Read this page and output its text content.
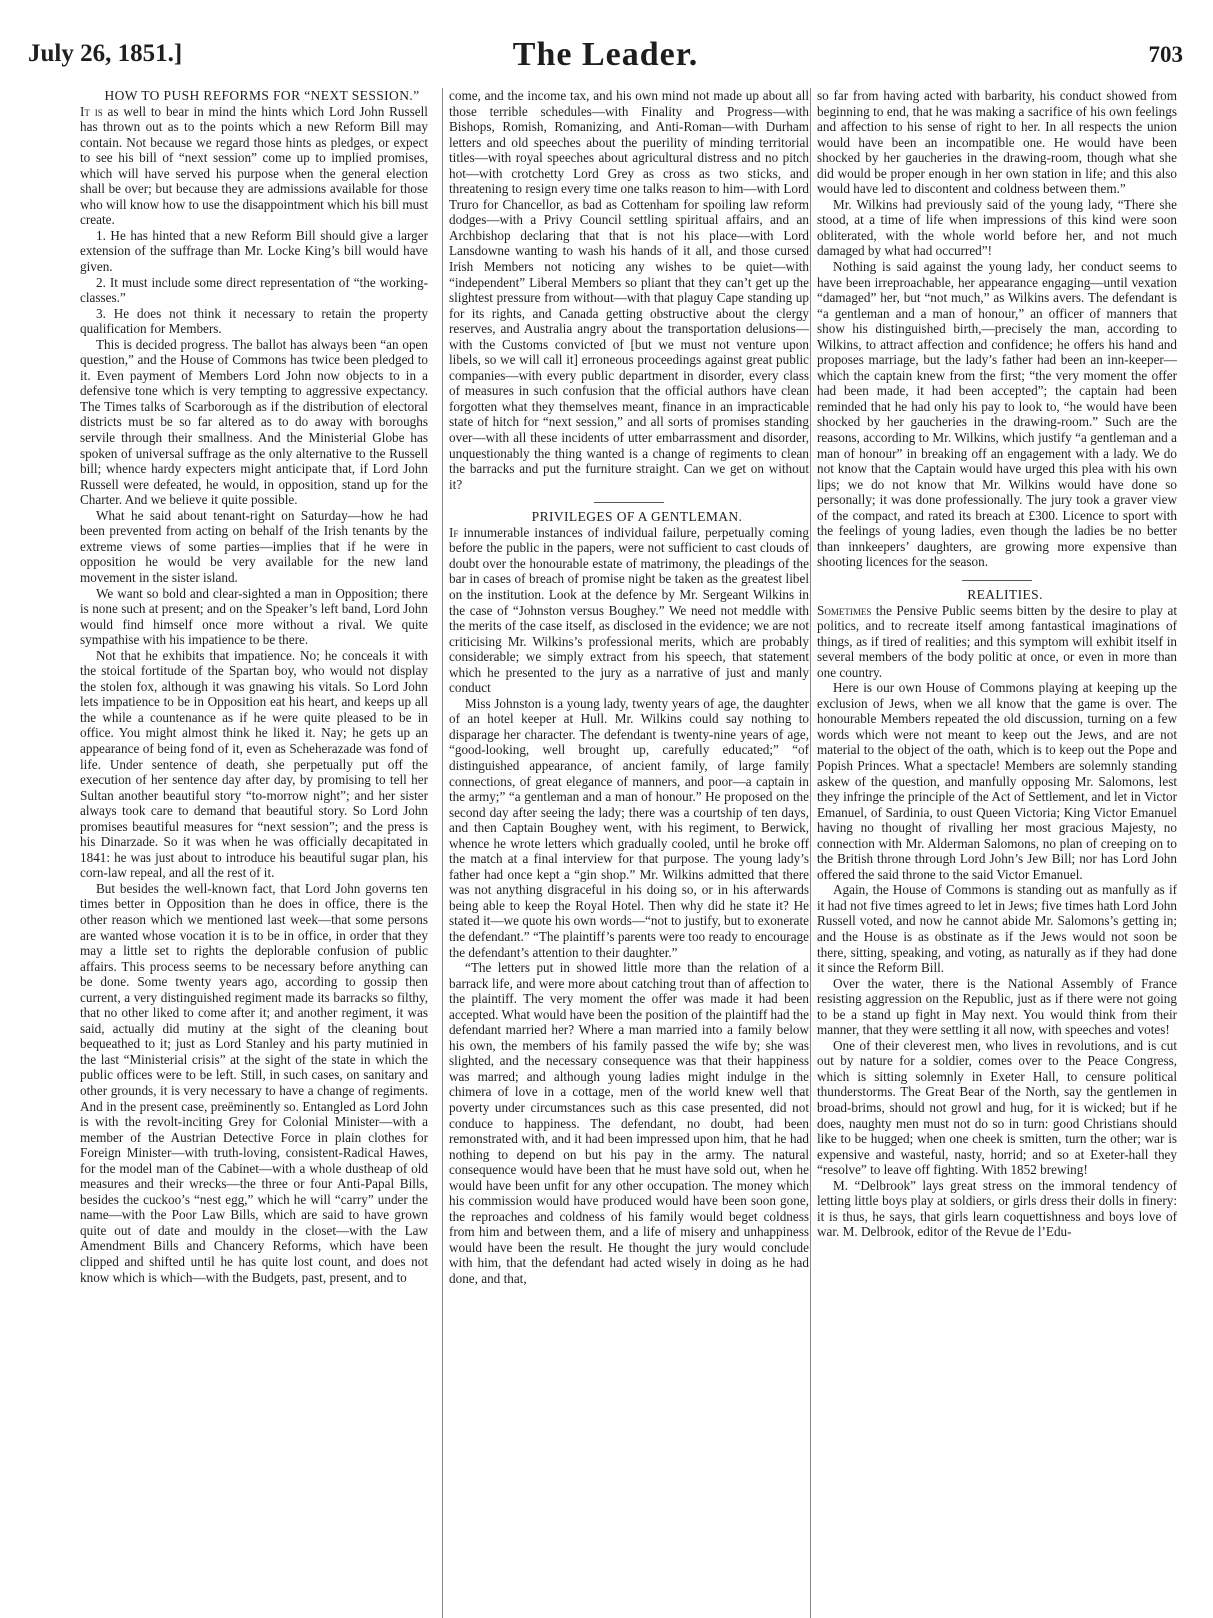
July 26, 1851.]	The Leader.	703

HOW TO PUSH REFORMS FOR “NEXT SESSION.”

It is as well to bear in mind the hints which Lord John Russell has thrown out as to the points which a new Reform Bill may contain. Not because we regard those hints as pledges, or expect to see his bill of “next session” come up to implied promises, which will have served his purpose when the general election shall be over; but because they are admissions available for those who will know how to use the disappointment which his bill must create.

1. He has hinted that a new Reform Bill should give a larger extension of the suffrage than Mr. Locke King’s bill would have given.

2. It must include some direct representation of “the working-classes.”

3. He does not think it necessary to retain the property qualification for Members.

This is decided progress. The ballot has always been “an open question,” and the House of Commons has twice been pledged to it. Even payment of Members Lord John now objects to in a defensive tone which is very tempting to aggressive expectancy. The Times talks of Scarborough as if the distribution of electoral districts must be so far altered as to do away with boroughs servile through their smallness. And the Ministerial Globe has spoken of universal suffrage as the only alternative to the Russell bill; whence hardy expecters might anticipate that, if Lord John Russell were defeated, he would, in opposition, stand up for the Charter. And we believe it quite possible.

What he said about tenant-right on Saturday—how he had been prevented from acting on behalf of the Irish tenants by the extreme views of some parties—implies that if he were in opposition he would be very available for the new land movement in the sister island.

We want so bold and clear-sighted a man in Opposition; there is none such at present; and on the Speaker’s left band, Lord John would find himself once more without a rival. We quite sympathise with his impatience to be there.

Not that he exhibits that impatience. No; he conceals it with the stoical fortitude of the Spartan boy, who would not display the stolen fox, although it was gnawing his vitals. So Lord John lets impatience to be in Opposition eat his heart, and keeps up all the while a countenance as if he were quite pleased to be in office. You might almost think he liked it. Nay; he gets up an appearance of being fond of it, even as Scheherazade was fond of life. Under sentence of death, she perpetually put off the execution of her sentence day after day, by promising to tell her Sultan another beautiful story “to-morrow night”; and her sister always took care to demand that beautiful story. So Lord John promises beautiful measures for “next session”; and the press is his Dinarzade. So it was when he was officially decapitated in 1841: he was just about to introduce his beautiful sugar plan, his corn-law repeal, and all the rest of it.

But besides the well-known fact, that Lord John governs ten times better in Opposition than he does in office, there is the other reason which we mentioned last week—that some persons are wanted whose vocation it is to be in office, in order that they may a little set to rights the deplorable confusion of public affairs. This process seems to be necessary before anything can be done. Some twenty years ago, according to gossip then current, a very distinguished regiment made its barracks so filthy, that no other liked to come after it; and another regiment, it was said, actually did mutiny at the sight of the cleaning bout bequeathed to it; just as Lord Stanley and his party mutinied in the last “Ministerial crisis” at the sight of the state in which the public offices were to be left. Still, in such cases, on sanitary and other grounds, it is very necessary to have a change of regiments. And in the present case, preëminently so. Entangled as Lord John is with the revolt-inciting Grey for Colonial Minister—with a member of the Austrian Detective Force in plain clothes for Foreign Minister—with truth-loving, consistent-Radical Hawes, for the model man of the Cabinet—with a whole dustheap of old measures and their wrecks—the three or four Anti-Papal Bills, besides the cuckoo’s “nest egg,” which he will “carry” under the name—with the Poor Law Bills, which are said to have grown quite out of date and mouldy in the closet—with the Law Amendment Bills and Chancery Reforms, which have been clipped and shifted until he has quite lost count, and does not know which is which—with the Budgets, past, present, and to

come, and the income tax, and his own mind not made up about all those terrible schedules—with Finality and Progress—with Bishops, Romish, Romanizing, and Anti-Roman—with Durham letters and old speeches about the puerility of minding territorial titles—with royal speeches about agricultural distress and no pitch hot—with crotchetty Lord Grey as cross as two sticks, and threatening to resign every time one talks reason to him—with Lord Truro for Chancellor, as bad as Cottenham for spoiling law reform dodges—with a Privy Council settling spiritual affairs, and an Archbishop declaring that that is not his place—with Lord Lansdowne wanting to wash his hands of it all, and those cursed Irish Members not noticing any wishes to be quiet—with “independent” Liberal Members so pliant that they can’t get up the slightest pressure from without—with that plaguy Cape standing up for its rights, and Canada getting obstructive about the clergy reserves, and Australia angry about the transportation delusions—with the Customs convicted of [but we must not venture upon libels, so we will call it] erroneous proceedings against great public companies—with every public department in disorder, every class of measures in such confusion that the official authors have clean forgotten what they themselves meant, finance in an impracticable state of hitch for “next session,” and all sorts of promises standing over—with all these incidents of utter embarrassment and disorder, unquestionably the thing wanted is a change of regiments to clean the barracks and put the furniture straight. Can we get on without it?

PRIVILEGES OF A GENTLEMAN.

If innumerable instances of individual failure, perpetually coming before the public in the papers, were not sufficient to cast clouds of doubt over the honourable estate of matrimony, the pleadings of the bar in cases of breach of promise night be taken as the greatest libel on the institution. Look at the defence by Mr. Sergeant Wilkins in the case of “Johnston versus Boughey.” We need not meddle with the merits of the case itself, as disclosed in the evidence; we are not criticising Mr. Wilkins’s professional merits, which are probably considerable; we simply extract from his speech, that statement which he presented to the jury as a narrative of just and manly conduct

Miss Johnston is a young lady, twenty years of age, the daughter of an hotel keeper at Hull. Mr. Wilkins could say nothing to disparage her character. The defendant is twenty-nine years of age, “good-looking, well brought up, carefully educated;” “of distinguished appearance, of ancient family, of large family connections, of great elegance of manners, and poor—a captain in the army;” “a gentleman and a man of honour.” He proposed on the second day after seeing the lady; there was a courtship of ten days, and then Captain Boughey went, with his regiment, to Berwick, whence he wrote letters which gradually cooled, until he broke off the match at a final interview for that purpose. The young lady’s father had once kept a “gin shop.” Mr. Wilkins admitted that there was not anything disgraceful in his doing so, or in his afterwards being able to keep the Royal Hotel. Then why did he state it? He stated it—we quote his own words—“not to justify, but to exonerate the defendant.” “The plaintiff’s parents were too ready to encourage the defendant’s attention to their daughter.”

“The letters put in showed little more than the relation of a barrack life, and were more about catching trout than of affection to the plaintiff. The very moment the offer was made it had been accepted. What would have been the position of the plaintiff had the defendant married her? Where a man married into a family below his own, the members of his family passed the wife by; she was slighted, and the necessary consequence was that their happiness was marred; and although young ladies might indulge in the chimera of love in a cottage, men of the world knew well that poverty under circumstances such as this case presented, did not conduce to happiness. The defendant, no doubt, had been remonstrated with, and it had been impressed upon him, that he had nothing to depend on but his pay in the army. The natural consequence would have been that he must have sold out, when he would have been unfit for any other occupation. The money which his commission would have produced would have been soon gone, the reproaches and coldness of his family would beget coldness from him and between them, and a life of misery and unhappiness would have been the result. He thought the jury would conclude with him, that the defendant had acted wisely in doing as he had done, and that,

so far from having acted with barbarity, his conduct showed from beginning to end, that he was making a sacrifice of his own feelings and affection to his sense of right to her. In all respects the union would have been an incompatible one. He would have been shocked by her gaucheries in the drawing-room, though what she did would be proper enough in her own station in life; and this also would have led to discontent and coldness between them.”

Mr. Wilkins had previously said of the young lady, “There she stood, at a time of life when impressions of this kind were soon obliterated, with the whole world before her, and not much damaged by what had occurred”!

Nothing is said against the young lady, her conduct seems to have been irreproachable, her appearance engaging—until vexation “damaged” her, but “not much,” as Wilkins avers. The defendant is “a gentleman and a man of honour,” an officer of manners that show his distinguished birth,—precisely the man, according to Wilkins, to attract affection and confidence; he offers his hand and proposes marriage, but the lady’s father had been an inn-keeper—which the captain knew from the first; “the very moment the offer had been made, it had been accepted”; the captain had been reminded that he had only his pay to look to, “he would have been shocked by her gaucheries in the drawing-room.” Such are the reasons, according to Mr. Wilkins, which justify “a gentleman and a man of honour” in breaking off an engagement with a lady. We do not know that the Captain would have urged this plea with his own lips; we do not know that Mr. Wilkins would have done so personally; it was done professionally. The jury took a graver view of the compact, and rated its breach at £300. Licence to sport with the feelings of young ladies, even though the ladies be no better than innkeepers’ daughters, are growing more expensive than shooting licences for the season.

REALITIES.

Sometimes the Pensive Public seems bitten by the desire to play at politics, and to recreate itself among fantastical imaginations of things, as if tired of realities; and this symptom will exhibit itself in several members of the body politic at once, or even in more than one country.

Here is our own House of Commons playing at keeping up the exclusion of Jews, when we all know that the game is over. The honourable Members repeated the old discussion, turning on a few words which were not meant to keep out the Jews, and are not material to the object of the oath, which is to keep out the Pope and Popish Princes. What a spectacle! Members are solemnly standing askew of the question, and manfully opposing Mr. Salomons, lest they infringe the principle of the Act of Settlement, and let in Victor Emanuel, of Sardinia, to oust Queen Victoria; King Victor Emanuel having no thought of rivalling her most gracious Majesty, no connection with Mr. Alderman Salomons, no plan of creeping on to the British throne through Lord John’s Jew Bill; nor has Lord John offered the said throne to the said Victor Emanuel.

Again, the House of Commons is standing out as manfully as if it had not five times agreed to let in Jews; five times hath Lord John Russell voted, and now he cannot abide Mr. Salomons’s getting in; and the House is as obstinate as if the Jews would not soon be there, sitting, speaking, and voting, as naturally as if they had done it since the Reform Bill.

Over the water, there is the National Assembly of France resisting aggression on the Republic, just as if there were not going to be a stand up fight in May next. You would think from their manner, that they were settling it all now, with speeches and votes!

One of their cleverest men, who lives in revolutions, and is cut out by nature for a soldier, comes over to the Peace Congress, which is sitting solemnly in Exeter Hall, to censure political thunderstorms. The Great Bear of the North, say the gentlemen in broad-brims, should not growl and hug, for it is wicked; but if he does, naughty men must not do so in turn: good Christians should like to be hugged; when one cheek is smitten, turn the other; war is expensive and wasteful, nasty, horrid; and so at Exeter-hall they “resolve” to leave off fighting. With 1852 brewing!

M. “Delbrook” lays great stress on the immoral tendency of letting little boys play at soldiers, or girls dress their dolls in finery: it is thus, he says, that girls learn coquettishness and boys love of war. M. Delbrook, editor of the Revue de l’Edu-
